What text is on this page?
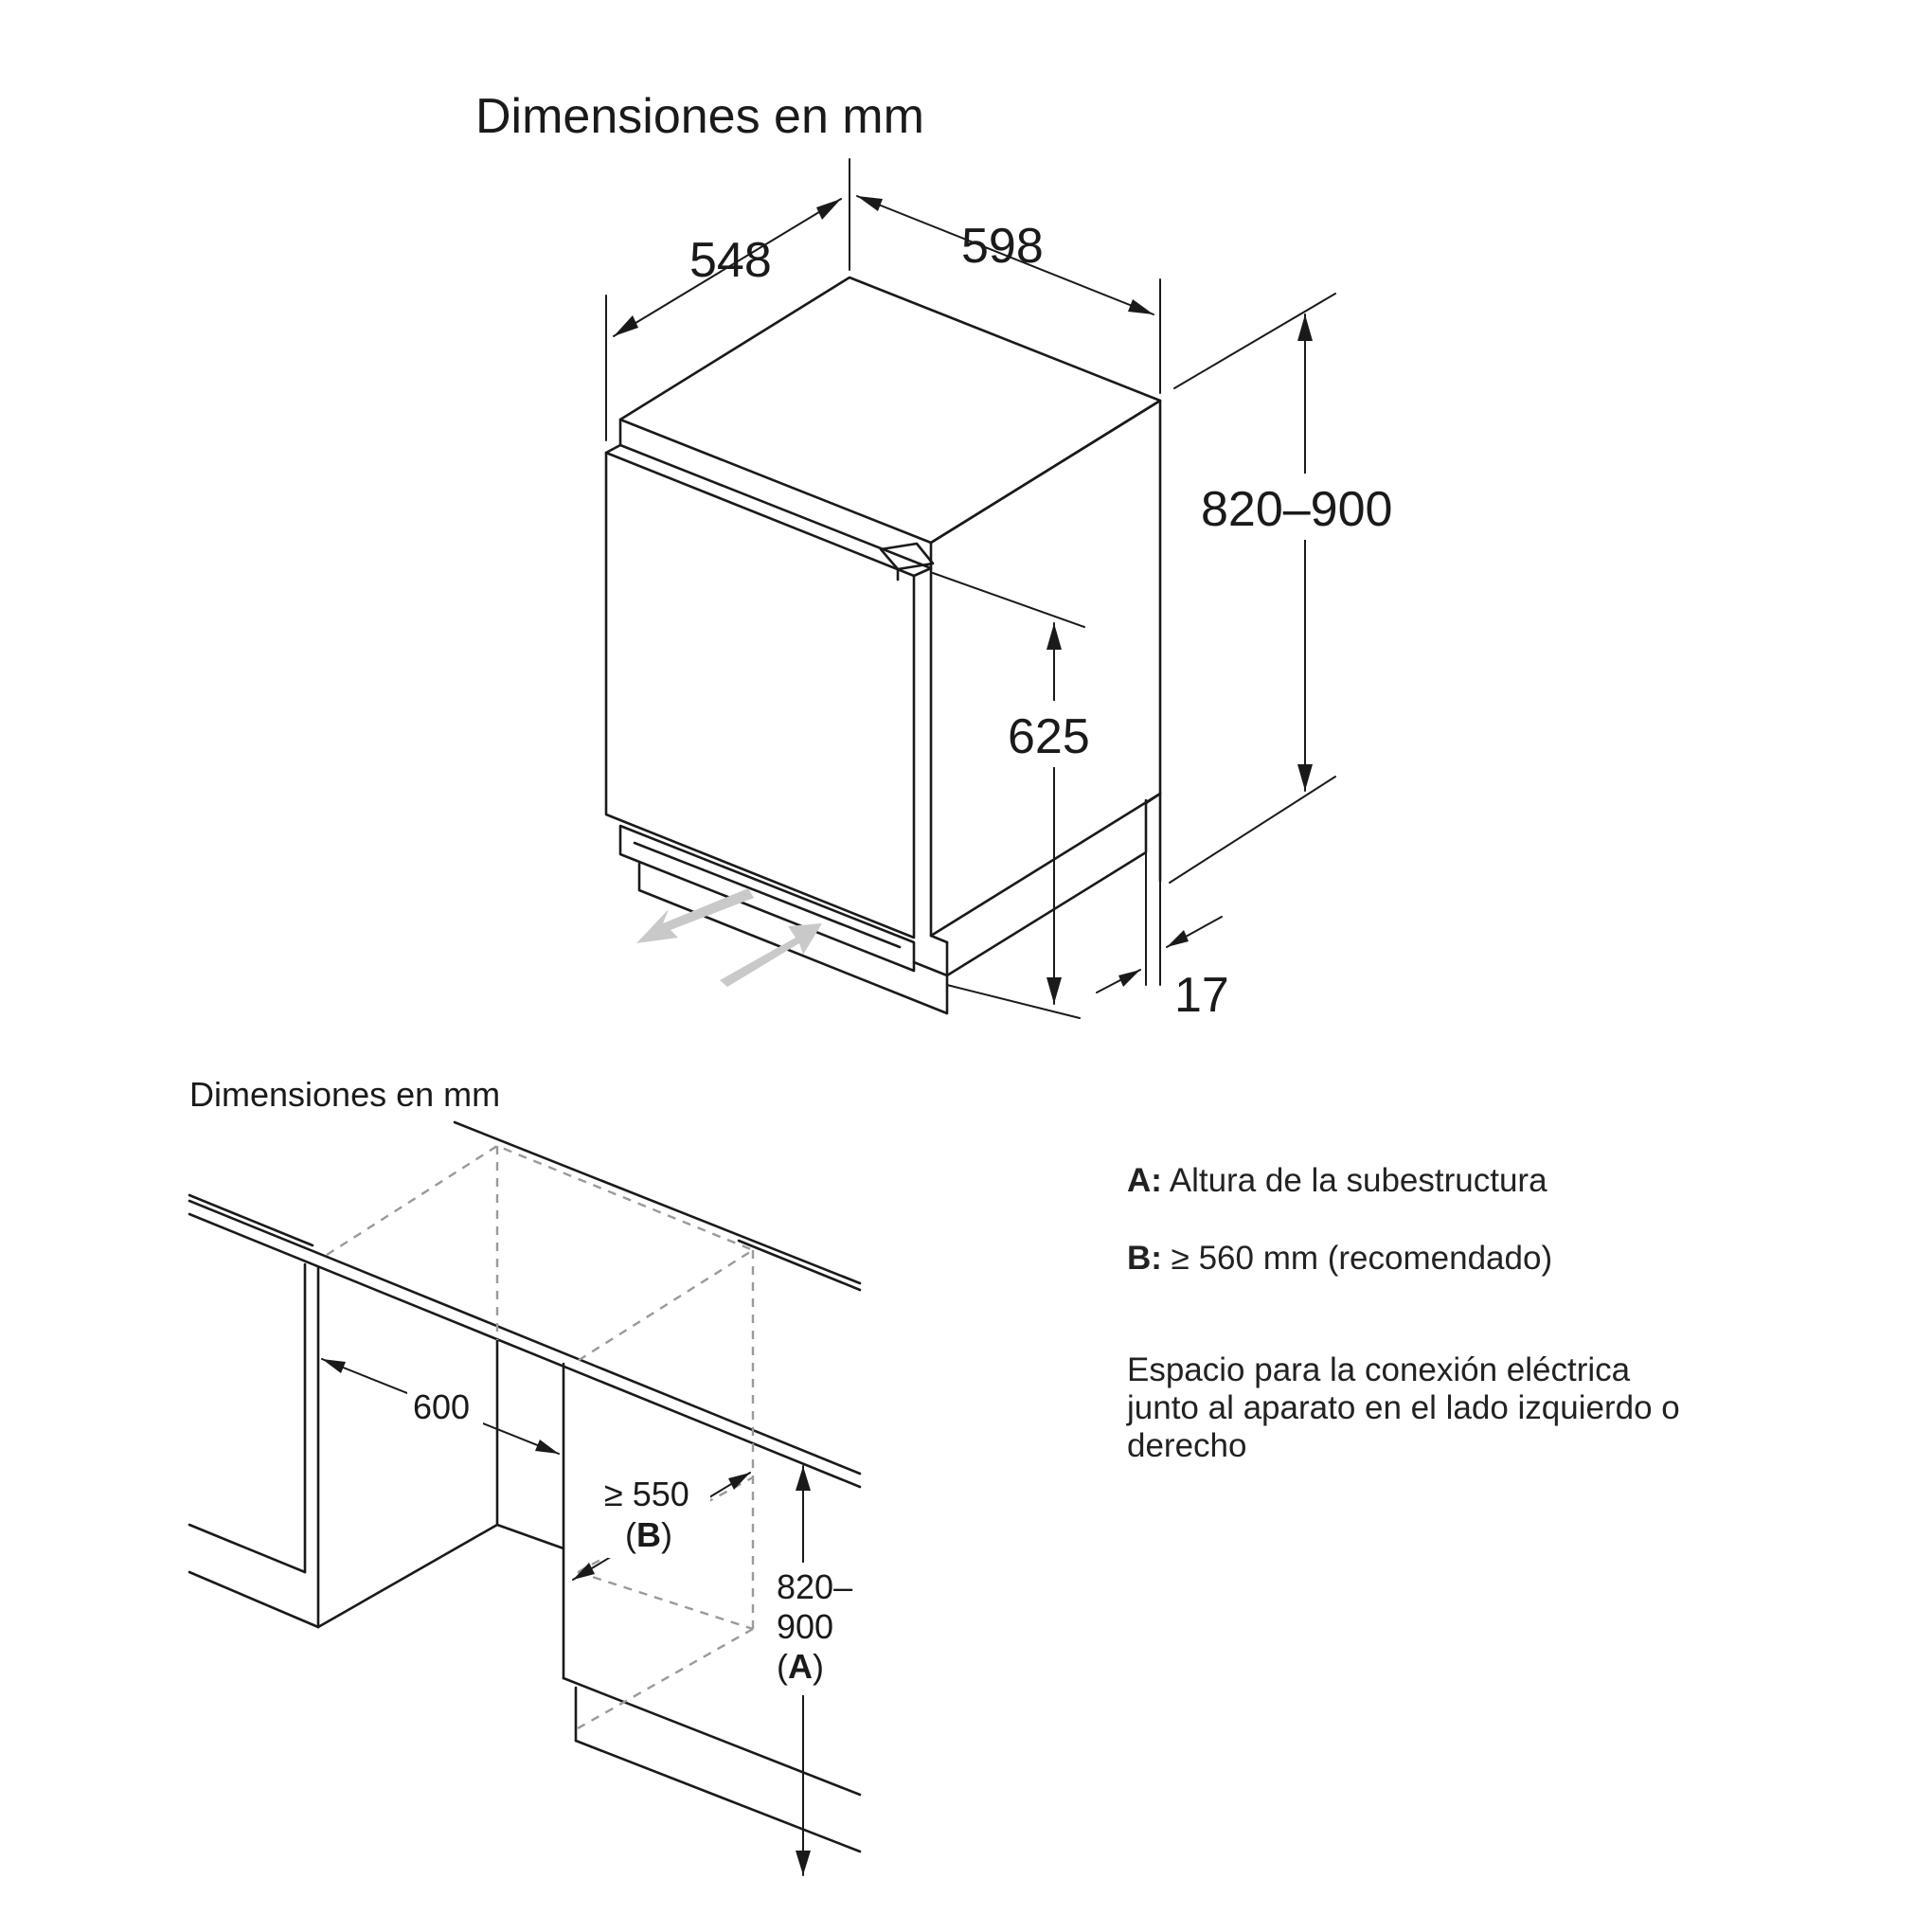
Dimensiones en mm
548	598
820–900
625
17
Dimensiones en mm
600
≥ 550
(B)
820–
900
(A)
A: Altura de la subestructura
B: ≥ 560 mm (recomendado)
Espacio para la conexión eléctrica
junto al aparato en el lado izquierdo o
derecho
